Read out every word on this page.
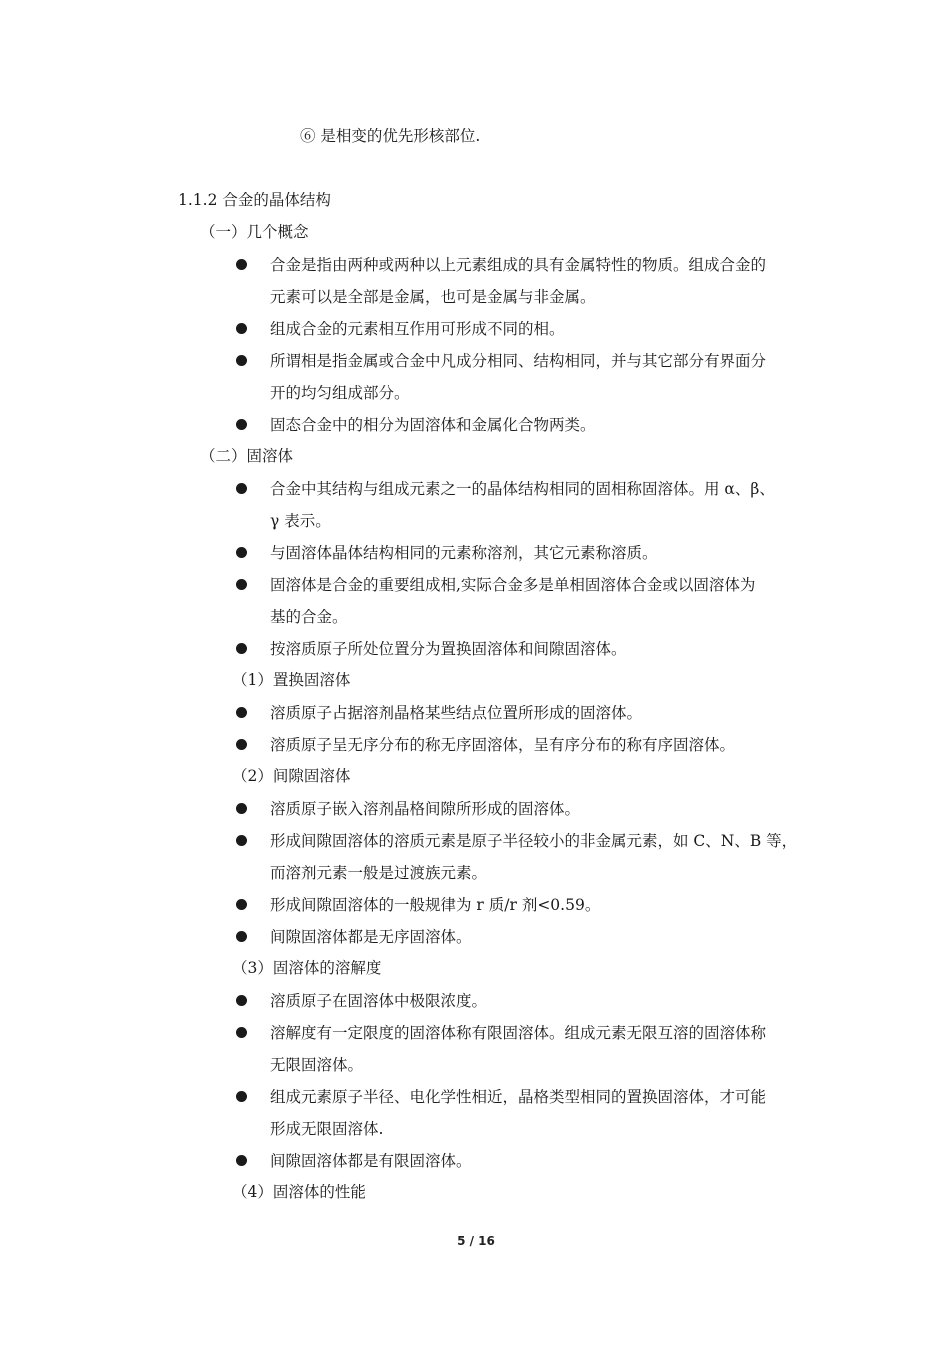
⑥ 是相变的优先形核部位.
1.1.2 合金的晶体结构
（一）几个概念
合金是指由两种或两种以上元素组成的具有金属特性的物质。组成合金的
元素可以是全部是金属，也可是金属与非金属。
组成合金的元素相互作用可形成不同的相。
所谓相是指金属或合金中凡成分相同、结构相同，并与其它部分有界面分
开的均匀组成部分。
固态合金中的相分为固溶体和金属化合物两类。
（二）固溶体
合金中其结构与组成元素之一的晶体结构相同的固相称固溶体。用 α、β、
γ 表示。
与固溶体晶体结构相同的元素称溶剂，其它元素称溶质。
固溶体是合金的重要组成相,实际合金多是单相固溶体合金或以固溶体为
基的合金。
按溶质原子所处位置分为置换固溶体和间隙固溶体。
（1）置换固溶体
溶质原子占据溶剂晶格某些结点位置所形成的固溶体。
溶质原子呈无序分布的称无序固溶体，呈有序分布的称有序固溶体。
（2）间隙固溶体
溶质原子嵌入溶剂晶格间隙所形成的固溶体。
形成间隙固溶体的溶质元素是原子半径较小的非金属元素，如 C、N、B 等，
而溶剂元素一般是过渡族元素。
形成间隙固溶体的一般规律为 r 质/r 剂<0.59。
间隙固溶体都是无序固溶体。
（3）固溶体的溶解度
溶质原子在固溶体中极限浓度。
溶解度有一定限度的固溶体称有限固溶体。组成元素无限互溶的固溶体称
无限固溶体。
组成元素原子半径、电化学性相近，晶格类型相同的置换固溶体，才可能
形成无限固溶体.
间隙固溶体都是有限固溶体。
（4）固溶体的性能
5 / 16
